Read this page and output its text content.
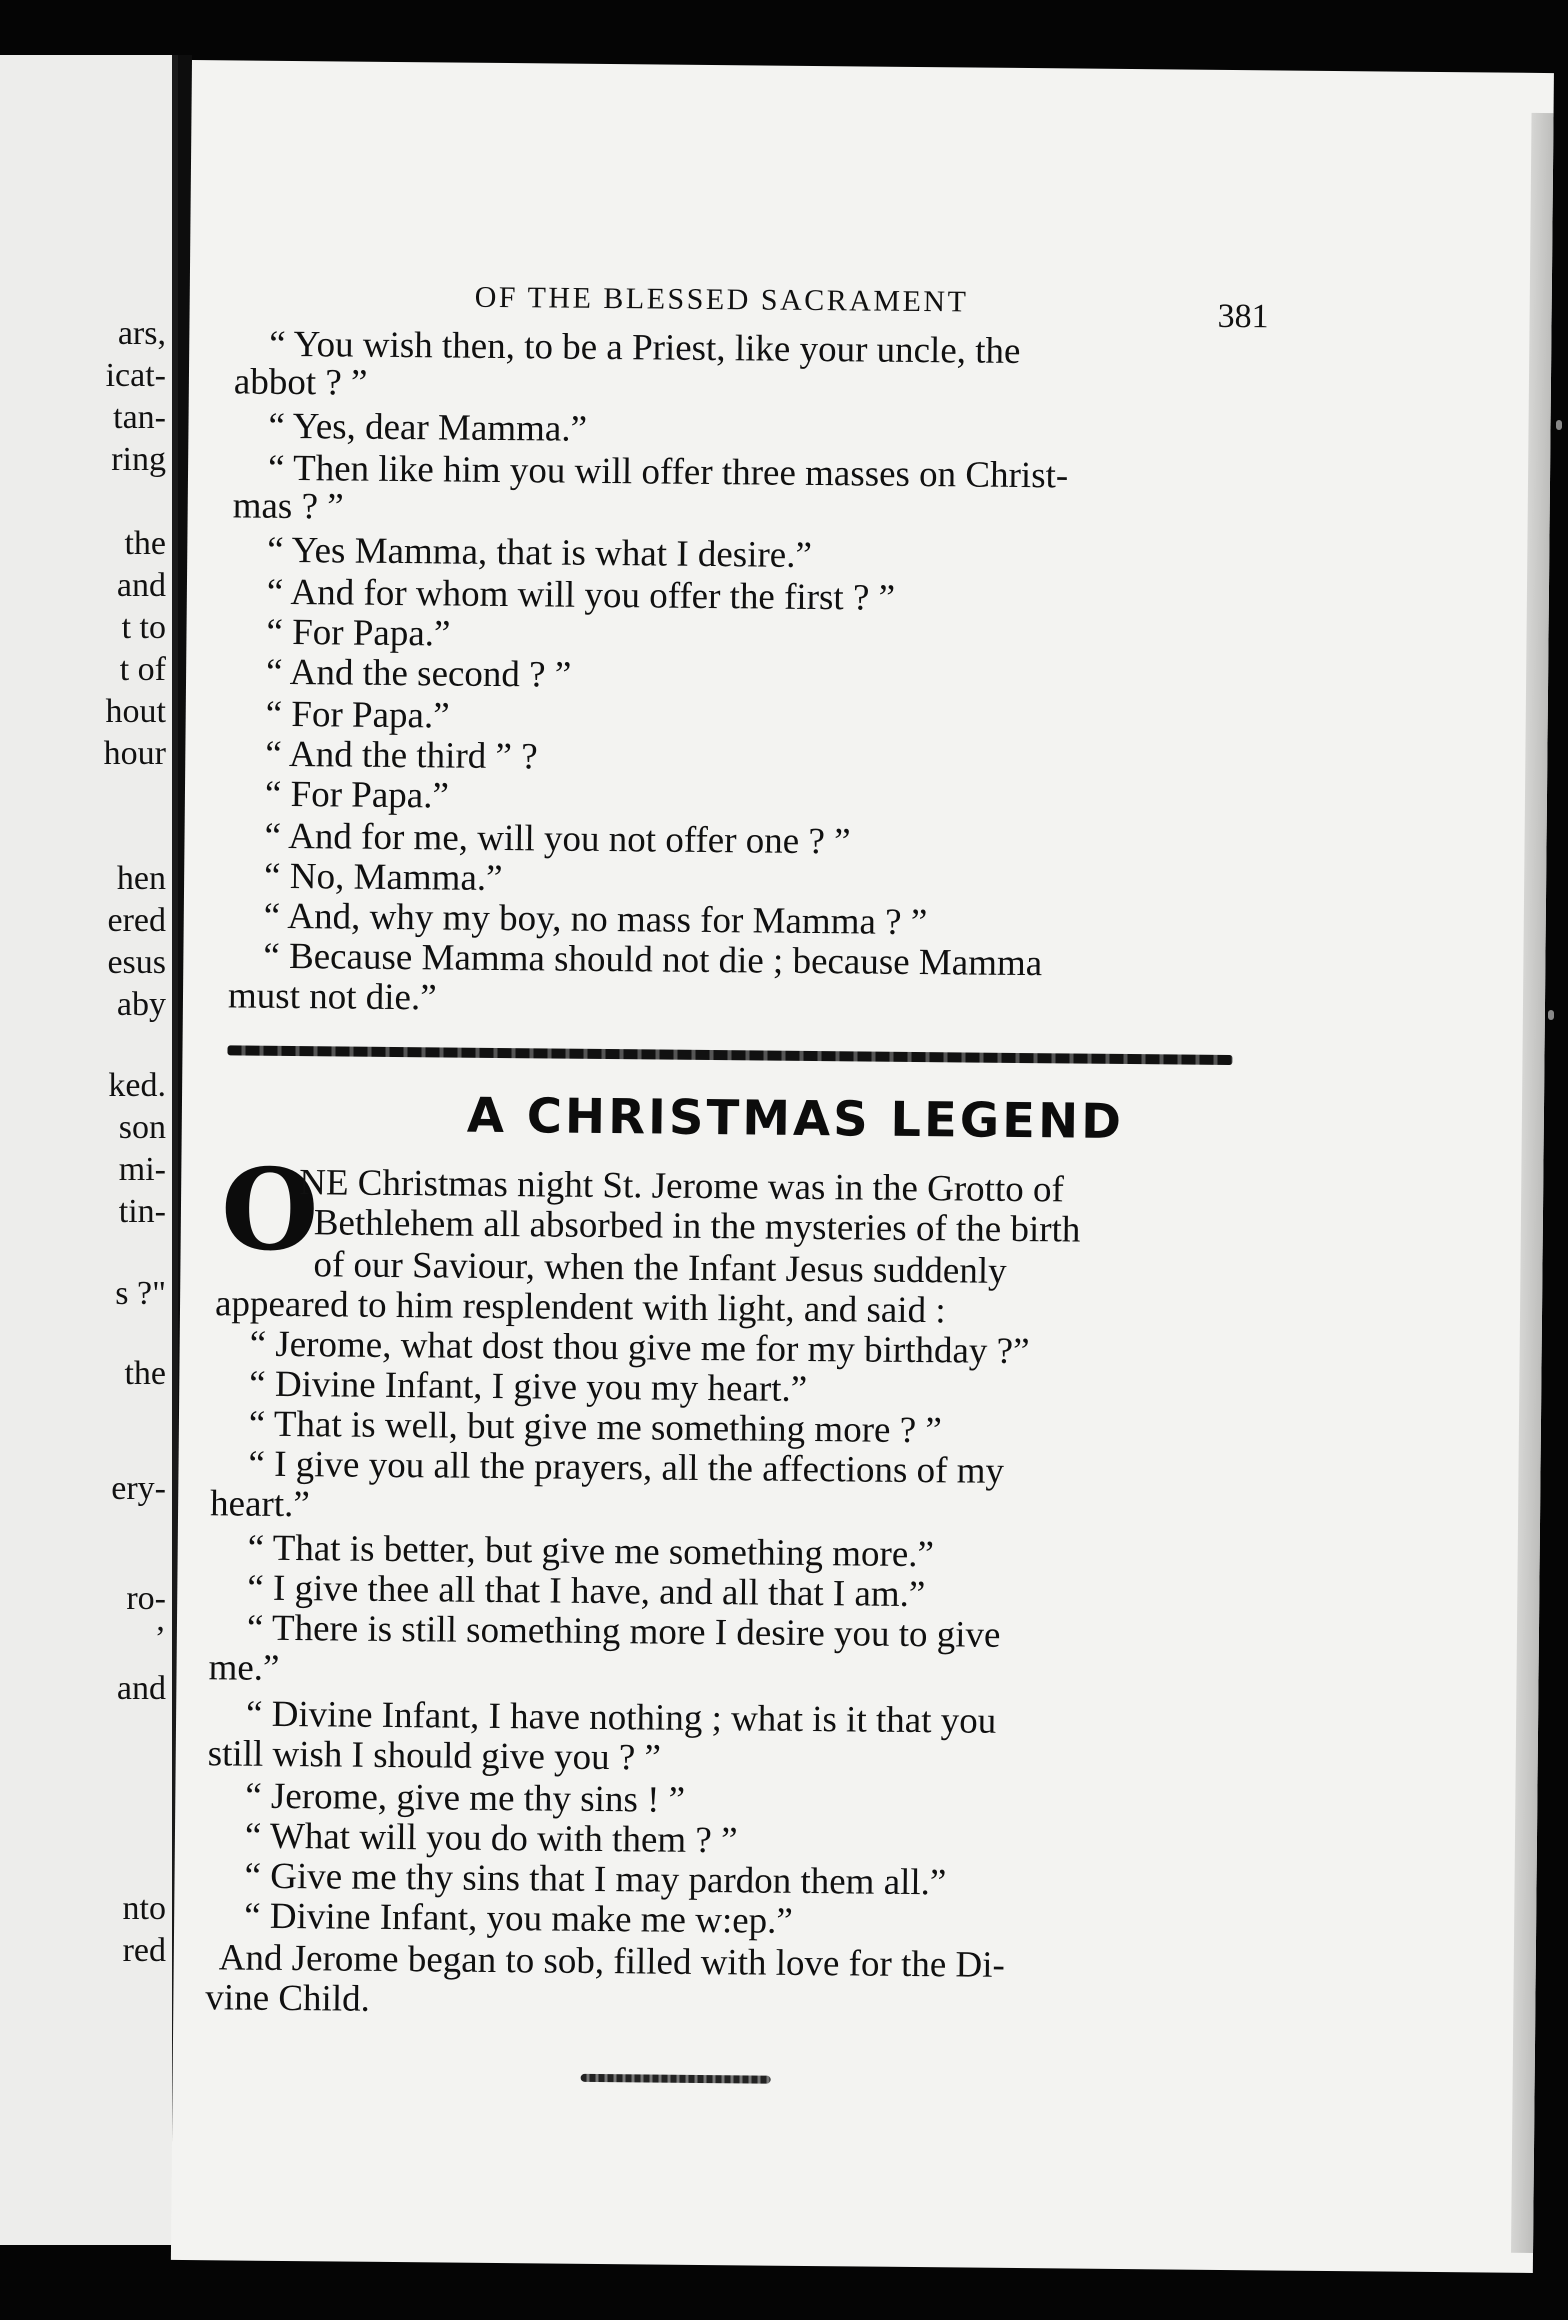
ars,
icat-
tan-
ring
the
and
t to
t of
hout
hour
hen
ered
esus
aby
ked.
son
mi-
tin-
s ?"
the
ery-
ro-
’
and
nto
red
OF THE BLESSED SACRAMENT	381
“ You wish then, to be a Priest, like your uncle, the
abbot ? ”
“ Yes, dear Mamma.”
“ Then like him you will offer three masses on Christ-
mas ? ”
“ Yes Mamma, that is what I desire.”
“ And for whom will you offer the first ? ”
“ For Papa.”
“ And the second ? ”
“ For Papa.”
“ And the third ” ?
“ For Papa.”
“ And for me, will you not offer one ? ”
“ No, Mamma.”
“ And, why my boy, no mass for Mamma ? ”
“ Because Mamma should not die ; because Mamma
must not die.”
A CHRISTMAS LEGEND
O
NE Christmas night St. Jerome was in the Grotto of
Bethlehem all absorbed in the mysteries of the birth
of our Saviour, when the Infant Jesus suddenly
appeared to him resplendent with light, and said :
“ Jerome, what dost thou give me for my birthday ?”
“ Divine Infant, I give you my heart.”
“ That is well, but give me something more ? ”
“ I give you all the prayers, all the affections of my
heart.”
“ That is better, but give me something more.”
“ I give thee all that I have, and all that I am.”
“ There is still something more I desire you to give
me.”
“ Divine Infant, I have nothing ; what is it that you
still wish I should give you ? ”
“ Jerome, give me thy sins ! ”
“ What will you do with them ? ”
“ Give me thy sins that I may pardon them all.”
“ Divine Infant, you make me w:ep.”
And Jerome began to sob, filled with love for the Di-
vine Child.
